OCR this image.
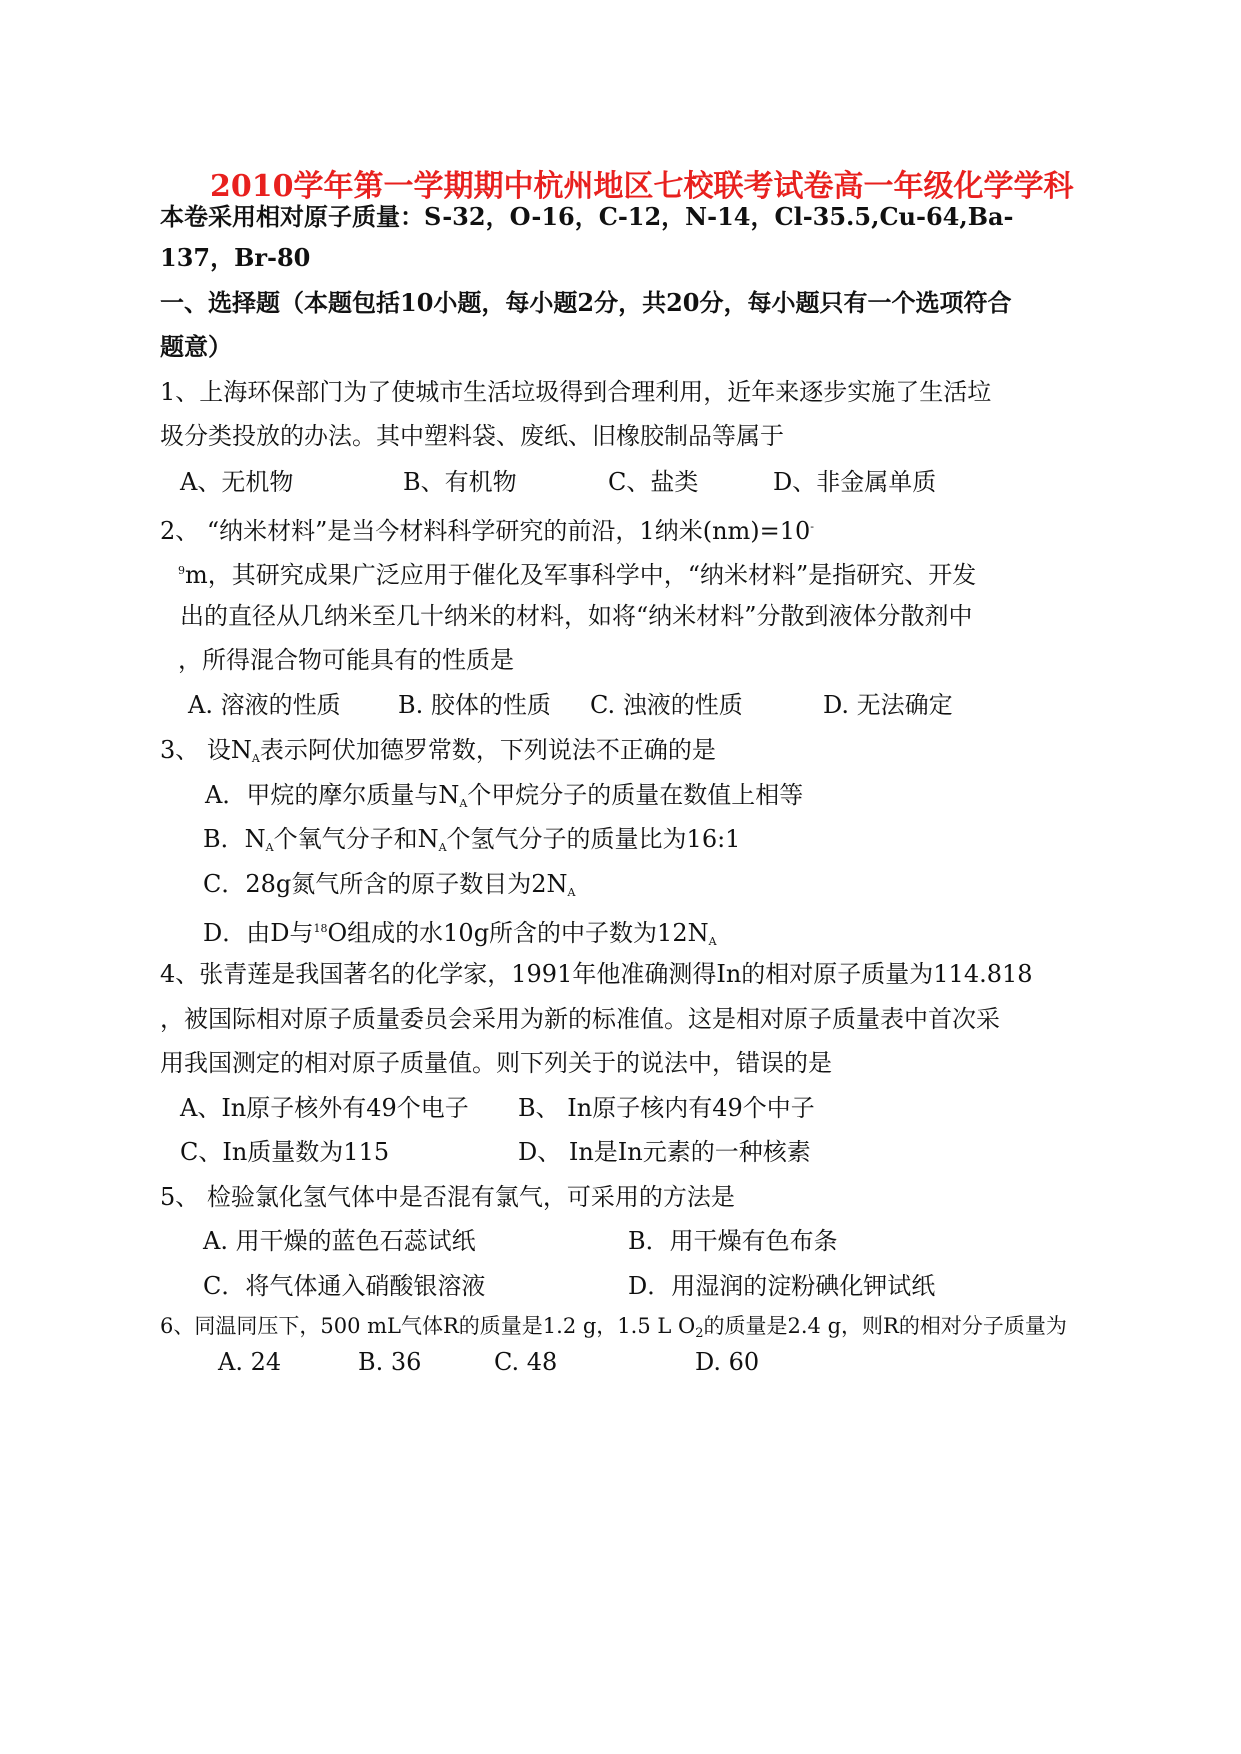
2010学年第一学期期中杭州地区七校联考试卷高一年级化学学科
本卷采用相对原子质量：S-32，O-16，C-12，N-14，Cl-35.5,Cu-64,Ba-
137，Br-80
一、选择题（本题包括10小题，每小题2分，共20分，每小题只有一个选项符合
题意）
1、上海环保部门为了使城市生活垃圾得到合理利用，近年来逐步实施了生活垃
圾分类投放的办法。其中塑料袋、废纸、旧橡胶制品等属于
A、无机物	B、有机物	C、盐类	D、非金属单质
2、 “纳米材料”是当今材料科学研究的前沿，1纳米(nm)=10-
$^9$m，其研究成果广泛应用于催化及军事科学中，“纳米材料”是指研究、开发
出的直径从几纳米至几十纳米的材料，如将“纳米材料”分散到液体分散剂中
，所得混合物可能具有的性质是
A. 溶液的性质 B. 胶体的性质 C. 浊液的性质	D. 无法确定
3、 设$N_A$表示阿伏加德罗常数，下列说法不正确的是
A．甲烷的摩尔质量与$N_A$个甲烷分子的质量在数值上相等
B．$N_A$个氧气分子和$N_A$个氢气分子的质量比为16:1
C．28g氮气所含的原子数目为$2N_A$
D．由D与$^{18}$O组成的水10g所含的中子数为$12N_A$
4、张青莲是我国著名的化学家，1991年他准确测得In的相对原子质量为114.818
，被国际相对原子质量委员会采用为新的标准值。这是相对原子质量表中首次采
用我国测定的相对原子质量值。则下列关于的说法中，错误的是
A、In原子核外有49个电子 B、 In原子核内有49个中子
C、In质量数为115	D、 In是In元素的一种核素
5、 检验氯化氢气体中是否混有氯气，可采用的方法是
A. 用干燥的蓝色石蕊试纸	B．用干燥有色布条
C．将气体通入硝酸银溶液	D．用湿润的淀粉碘化钾试纸
6、同温同压下，500 mL气体R的质量是1.2 g，1.5 L $O_2$的质量是2.4 g，则R的相对分子质量为
A. 24	B. 36	C. 48	D. 60
